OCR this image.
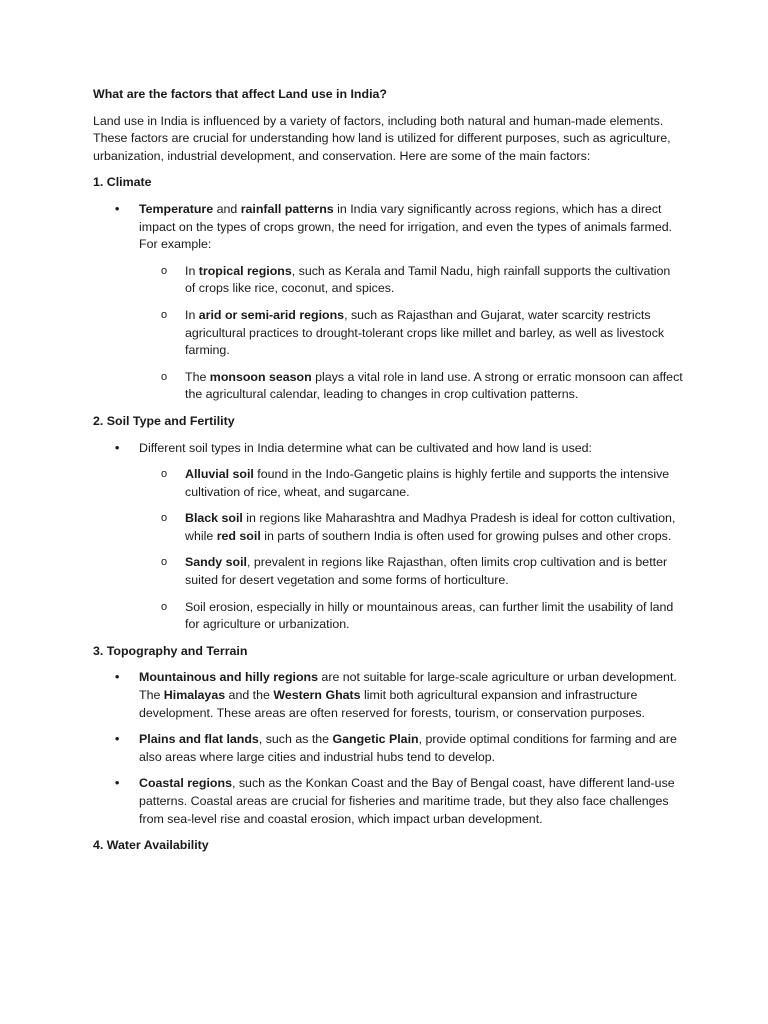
What are the factors that affect Land use in India?
Land use in India is influenced by a variety of factors, including both natural and human-made elements. These factors are crucial for understanding how land is utilized for different purposes, such as agriculture, urbanization, industrial development, and conservation. Here are some of the main factors:
1. Climate
• Temperature and rainfall patterns in India vary significantly across regions, which has a direct impact on the types of crops grown, the need for irrigation, and even the types of animals farmed. For example:
o In tropical regions, such as Kerala and Tamil Nadu, high rainfall supports the cultivation of crops like rice, coconut, and spices.
o In arid or semi-arid regions, such as Rajasthan and Gujarat, water scarcity restricts agricultural practices to drought-tolerant crops like millet and barley, as well as livestock farming.
o The monsoon season plays a vital role in land use. A strong or erratic monsoon can affect the agricultural calendar, leading to changes in crop cultivation patterns.
2. Soil Type and Fertility
• Different soil types in India determine what can be cultivated and how land is used:
o Alluvial soil found in the Indo-Gangetic plains is highly fertile and supports the intensive cultivation of rice, wheat, and sugarcane.
o Black soil in regions like Maharashtra and Madhya Pradesh is ideal for cotton cultivation, while red soil in parts of southern India is often used for growing pulses and other crops.
o Sandy soil, prevalent in regions like Rajasthan, often limits crop cultivation and is better suited for desert vegetation and some forms of horticulture.
o Soil erosion, especially in hilly or mountainous areas, can further limit the usability of land for agriculture or urbanization.
3. Topography and Terrain
• Mountainous and hilly regions are not suitable for large-scale agriculture or urban development. The Himalayas and the Western Ghats limit both agricultural expansion and infrastructure development. These areas are often reserved for forests, tourism, or conservation purposes.
• Plains and flat lands, such as the Gangetic Plain, provide optimal conditions for farming and are also areas where large cities and industrial hubs tend to develop.
• Coastal regions, such as the Konkan Coast and the Bay of Bengal coast, have different land-use patterns. Coastal areas are crucial for fisheries and maritime trade, but they also face challenges from sea-level rise and coastal erosion, which impact urban development.
4. Water Availability
